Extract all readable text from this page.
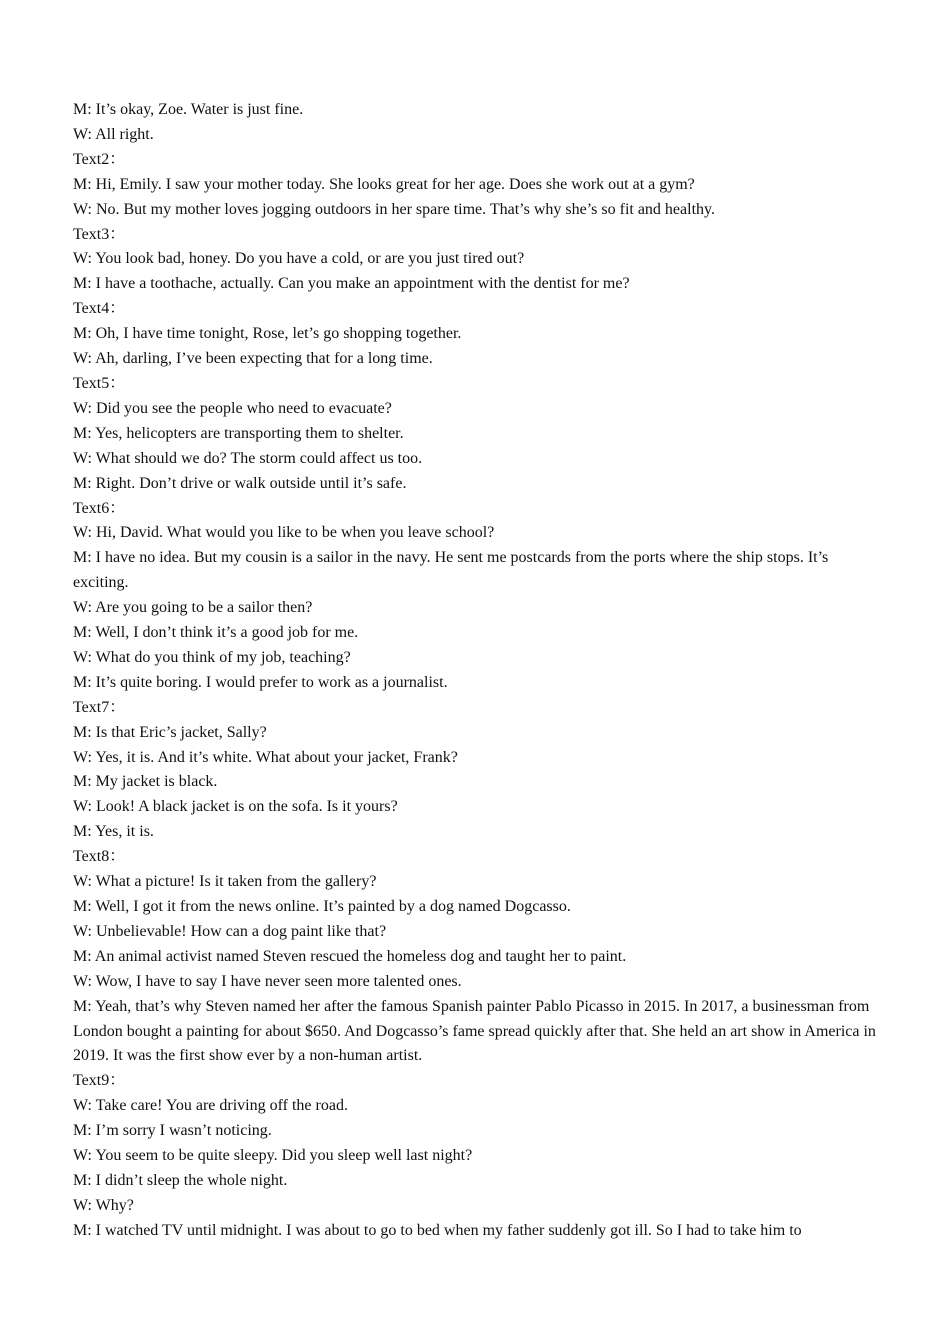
M: It’s okay, Zoe. Water is just fine.

W: All right.

Text2：

M: Hi, Emily. I saw your mother today. She looks great for her age. Does she work out at a gym?

W: No. But my mother loves jogging outdoors in her spare time. That’s why she’s so fit and healthy.

Text3：

W: You look bad, honey. Do you have a cold, or are you just tired out?

M: I have a toothache, actually. Can you make an appointment with the dentist for me?

Text4：

M: Oh, I have time tonight, Rose, let’s go shopping together.

W: Ah, darling, I’ve been expecting that for a long time.

Text5：

W: Did you see the people who need to evacuate?

M: Yes, helicopters are transporting them to shelter.

W: What should we do? The storm could affect us too.

M: Right. Don’t drive or walk outside until it’s safe.

Text6：

W: Hi, David. What would you like to be when you leave school?

M: I have no idea. But my cousin is a sailor in the navy. He sent me postcards from the ports where the ship stops. It’s exciting.

W: Are you going to be a sailor then?

M: Well, I don’t think it’s a good job for me.

W: What do you think of my job, teaching?

M: It’s quite boring. I would prefer to work as a journalist.

Text7：

M: Is that Eric’s jacket, Sally?

W: Yes, it is. And it’s white. What about your jacket, Frank?

M: My jacket is black.

W: Look! A black jacket is on the sofa. Is it yours?

M: Yes, it is.

Text8：

W: What a picture! Is it taken from the gallery?

M: Well, I got it from the news online. It’s painted by a dog named Dogcasso.

W: Unbelievable! How can a dog paint like that?

M: An animal activist named Steven rescued the homeless dog and taught her to paint.

W: Wow, I have to say I have never seen more talented ones.

M: Yeah, that’s why Steven named her after the famous Spanish painter Pablo Picasso in 2015. In 2017, a businessman from London bought a painting for about $650. And Dogcasso’s fame spread quickly after that. She held an art show in America in 2019. It was the first show ever by a non-human artist.

Text9：

W: Take care! You are driving off the road.

M: I’m sorry I wasn’t noticing.

W: You seem to be quite sleepy. Did you sleep well last night?

M: I didn’t sleep the whole night.

W: Why?

M: I watched TV until midnight. I was about to go to bed when my father suddenly got ill. So I had to take him to
